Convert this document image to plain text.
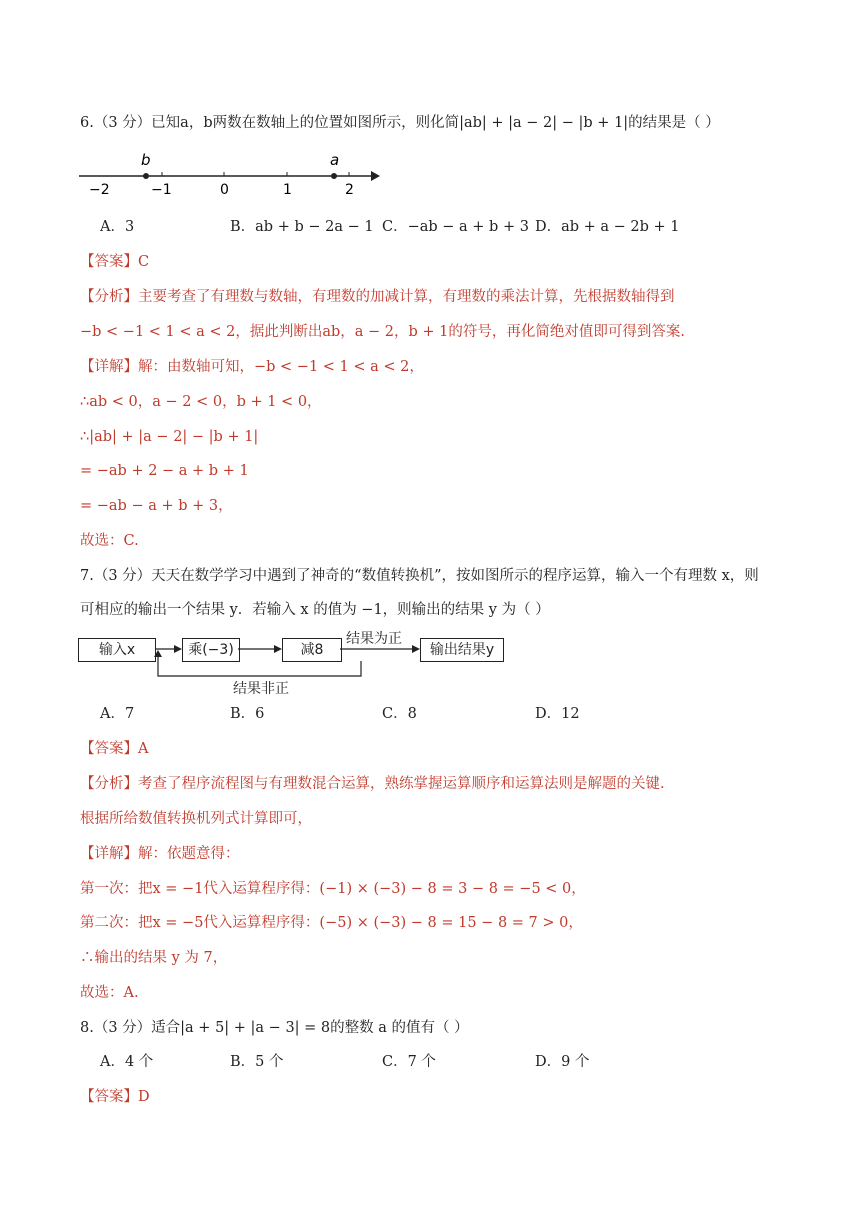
6.（3 分）已知a，b两数在数轴上的位置如图所示，则化简|ab| + |a − 2| − |b + 1|的结果是（ ）
b	a
−2	−1	0	1	2
A．3	B．ab + b − 2a − 1 C．−ab − a + b + 3 D．ab + a − 2b + 1
【答案】C
【分析】主要考查了有理数与数轴，有理数的加减计算，有理数的乘法计算，先根据数轴得到
−b < −1 < 1 < a < 2，据此判断出ab，a − 2，b + 1的符号，再化简绝对值即可得到答案.
【详解】解：由数轴可知，−b < −1 < 1 < a < 2，
∴ab < 0，a − 2 < 0，b + 1 < 0，
∴|ab| + |a − 2| − |b + 1|
= −ab + 2 − a + b + 1
= −ab − a + b + 3，
故选：C.
7.（3 分）天天在数学学习中遇到了神奇的“数值转换机”，按如图所示的程序运算，输入一个有理数 x，则
可相应的输出一个结果 y．若输入 x 的值为 −1，则输出的结果 y 为（ ）
输入x	乘(−3)	减8
结果为正
输出结果y
结果非正
A．7	B．6	C．8	D．12
【答案】A
【分析】考查了程序流程图与有理数混合运算，熟练掌握运算顺序和运算法则是解题的关键.
根据所给数值转换机列式计算即可，
【详解】解：依题意得：
第一次：把x = −1代入运算程序得：(−1) × (−3) − 8 = 3 − 8 = −5 < 0，
第二次：把x = −5代入运算程序得：(−5) × (−3) − 8 = 15 − 8 = 7 > 0，
∴输出的结果 y 为 7，
故选：A.
8.（3 分）适合|a + 5| + |a − 3| = 8的整数 a 的值有（ ）
A．4 个	B．5 个	C．7 个	D．9 个
【答案】D
